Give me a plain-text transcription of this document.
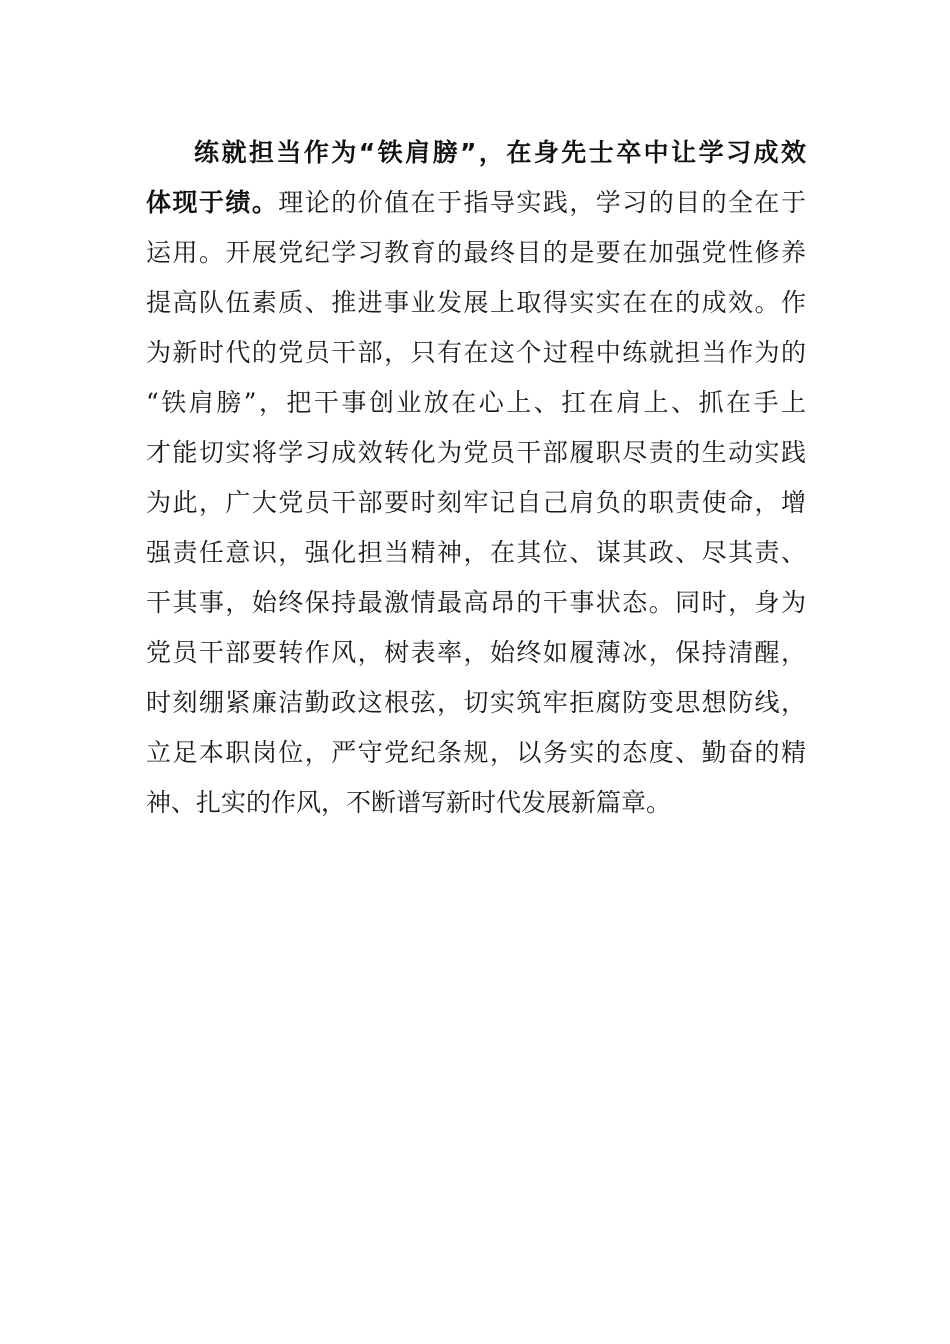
练就担当作为“铁肩膀”，在身先士卒中让学习成效
体现于绩。理论的价值在于指导实践，学习的目的全在于
运用。开展党纪学习教育的最终目的是要在加强党性修养
提高队伍素质、推进事业发展上取得实实在在的成效。作
为新时代的党员干部，只有在这个过程中练就担当作为的
“铁肩膀”，把干事创业放在心上、扛在肩上、抓在手上
才能切实将学习成效转化为党员干部履职尽责的生动实践
为此，广大党员干部要时刻牢记自己肩负的职责使命，增
强责任意识，强化担当精神，在其位、谋其政、尽其责、
干其事，始终保持最激情最高昂的干事状态。同时，身为
党员干部要转作风，树表率，始终如履薄冰，保持清醒，
时刻绷紧廉洁勤政这根弦，切实筑牢拒腐防变思想防线，
立足本职岗位，严守党纪条规，以务实的态度、勤奋的精
神、扎实的作风，不断谱写新时代发展新篇章。
